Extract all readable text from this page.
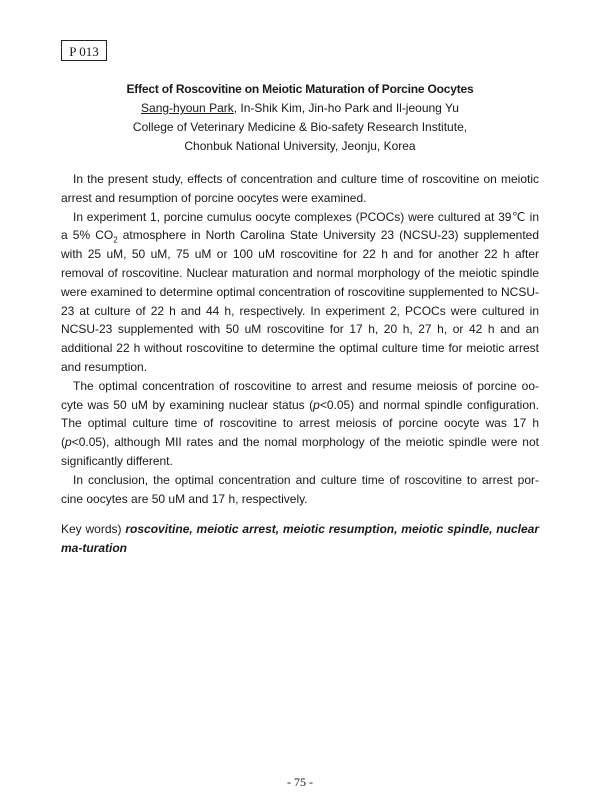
P 013
Effect of Roscovitine on Meiotic Maturation of Porcine Oocytes
Sang-hyoun Park, In-Shik Kim, Jin-ho Park and Il-jeoung Yu
College of Veterinary Medicine & Bio-safety Research Institute,
Chonbuk National University, Jeonju, Korea

In the present study, effects of concentration and culture time of roscovitine on meiotic arrest and resumption of porcine oocytes were examined.

In experiment 1, porcine cumulus oocyte complexes (PCOCs) were cultured at 39℃ in a 5% $CO_2$ atmosphere in North Carolina State University 23 (NCSU-23) supplemented with 25 uM, 50 uM, 75 uM or 100 uM roscovitine for 22 h and for another 22 h after removal of roscovitine. Nuclear maturation and normal morphology of the meiotic spindle were examined to determine optimal concentration of roscovitine supplemented to NCSU-23 at culture of 22 h and 44 h, respectively. In experiment 2, PCOCs were cultured in NCSU-23 supplemented with 50 uM roscovitine for 17 h, 20 h, 27 h, or 42 h and an additional 22 h without roscovitine to determine the optimal culture time for meiotic arrest and resumption.

The optimal concentration of roscovitine to arrest and resume meiosis of porcine oo-cyte was 50 uM by examining nuclear status (p<0.05) and normal spindle configuration. The optimal culture time of roscovitine to arrest meiosis of porcine oocyte was 17 h (p<0.05), although MII rates and the nomal morphology of the meiotic spindle were not significantly different.

In conclusion, the optimal concentration and culture time of roscovitine to arrest por-cine oocytes are 50 uM and 17 h, respectively.

Key words) roscovitine, meiotic arrest, meiotic resumption, meiotic spindle, nuclear ma-turation
- 75 -
